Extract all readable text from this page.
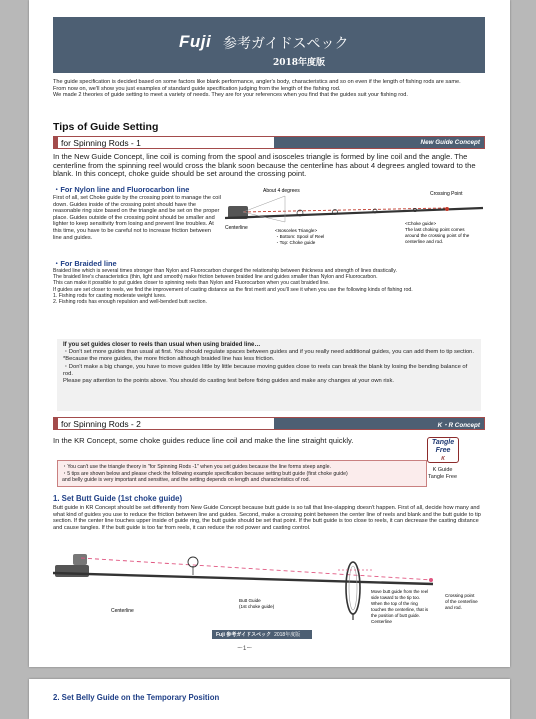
Fuji 参考ガイドスペック
2018年度版

The guide specification is decided based on some factors like blank performance, angler's body, characteristics and so on even if the length of fishing rods are same.

From now on, we'll show you just examples of standard guide specification judging from the length of the fishing rod.

We made 2 theories of guide setting to meet a variety of needs. They are for your references when you find that the guides suit your fishing rod.

Tips of Guide Setting
for Spinning Rods - 1	New Guide Concept
In the New Guide Concept, line coil is coming from the spool and isosceles triangle is formed by line coil and the angle. The centerline from the spinning reel would cross the blank soon because the centerline has about 4 degrees angled toward to the blank. In this concept, choke guide should be set around the crossing point.
・For Nylon line and Fluorocarbon line
First of all, set Choke guide by the crossing point to manage the coil down. Guides inside of the crossing point should have the reasonable ring size based on the triangle and be set on the proper place. Guides outside of the crossing point should be smaller and lighter to keep sensitivity from losing and prevent line troubles. At this time, you have to be careful not to increase friction between line and guides.
About 4 degrees	Crossing Point
Centerline	<Isosceles Triangle>
・Bottom: Spool of Reel
・Top: Choke guide
<Choke guide>
The last choking point comes
around the crossing point of the
centerline and rod.
・For Braided line

Braided line which is several times stronger than Nylon and Fluorocarbon changed the relationship between thickness and strength of lines drastically.

The braided line's characteristics (thin, light and smooth) make friction between braided line and guides smaller than Nylon and Fluorocarbon.

This can make it possible to put guides closer to spinning reels than Nylon and Fluorocarbon when you cast braided line.

If guides are set closer to reels, we find the improvement of casting distance as the first merit and you'll see it when you use the following kinds of fishing rod.

1. Fishing rods for casting moderate weight lures.

2. Fishing rods has enough repulsion and well-bended butt section.

If you set guides closer to reels than usual when using braided line…

・Don't set more guides than usual at first. You should regulate spaces between guides and if you really need additional guides, you can add them to tip section.

*Because the more guides, the more friction although braided line has less friction.

・Don't make a big change, you have to move guides little by little because moving guides close to reels can break the blank by losing the bending balance of rod.

Please pay attention to the points above. You should do casting test before fixing guides and make any changes at your own risk.

for Spinning Rods - 2	K・R Concept
In the KR Concept, some choke guides reduce line coil and make the line straight quickly.	Tangle
Free
K
K Guide
Tangle Free

・You can't use the triangle theory in "for Spinning Rods -1" when you set guides because the line forms steep angle.

・5 tips are shown below and please check the following example specification because setting butt guide (first choke guide)

and belly guide is very important and sensitive, and the setting depends on length and characteristics of rod.

1. Set Butt Guide (1st choke guide)
Butt guide in KR Concept should be set differently from New Guide Concept because butt guide is so tall that line-slapping doesn't happen. First of all, decide how many and what kind of guides you use to reduce the friction between line and guides. Second, make a crossing point between the center line of reels and blank and the butt guide to tip section. If the center line touches upper inside of guide ring, the butt guide should be set that point. If the butt guide is too close to reels, it can decrease the casting distance and cause tangles. If the butt guide is too far from reels, it can reduce the rod power and casting control.
Centerline
Butt Guide
(1st choke guide)
Move butt guide from the reel
side toward to the tip too.
When the top of the ring
touches the centerline, that is
the position of butt guide.
Crossing point
of the centerline
and rod.
Centerline
Fuji 参考ガイドスペック 2018年度版
ー1ー
2. Set Belly Guide on the Temporary Position
